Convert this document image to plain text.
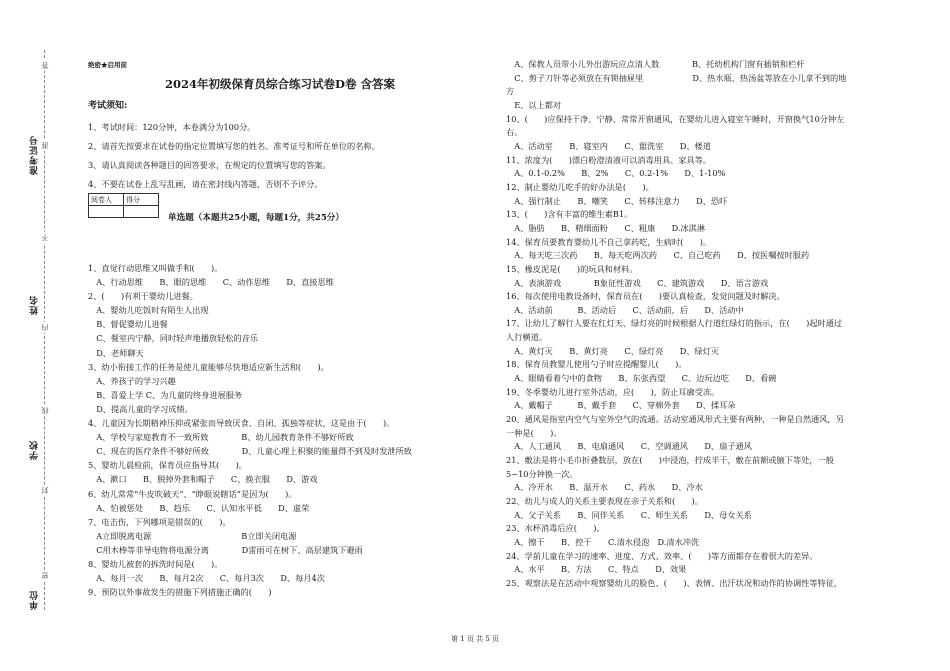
准考证号
姓名
学校
单位
答
准
不
内
线
封
密
绝密★启用前
2024年初级保育员综合练习试卷D卷 含答案
考试须知:
1、考试时间：120分钟，本卷满分为100分。
2、请首先按要求在试卷的指定位置填写您的姓名、准考证号和所在单位的名称。
3、请认真阅读各种题目的回答要求，在规定的位置填写您的答案。
4、不要在试卷上乱写乱画，请在密封线内答题，否则不予评分。
阅卷人	得分

单选题（本题共25小题，每题1分，共25分）
1、直觉行动思维又叫做手和(　　)。
　A、行动思维　　B、眼的思维　　C、动作思维　　D、直接思维
2、(　　)有利于婴幼儿进餐。
　A、婴幼儿吃饭时有陌生人出现
　B、督促婴幼儿进餐
　C、餐室内宁静，同时轻声地播放轻松的音乐
　D、老师聊天
3、幼小衔接工作的任务是使儿童能够尽快地适应新生活和(　　)。
　A、养孩子的学习兴趣
　B、喜爱上学 C、为儿童的终身进展服务
　D、提高儿童的学习成绩。
4、儿童因为长期精神压抑或紧张而导致厌食、自闭、孤独等症状，这是由于(　　)。
　A、学校与家庭教育不一致所致　　　　B、幼儿园教育条件不够好所致
　C、现在的医疗条件不够好所致　　　　D、儿童心理上积聚的能量得不到及时发泄所致
5、婴幼儿晨检前，保育员应指导其(　　)。
　A、漱口　　B、脱掉外套和帽子　　C、换衣服　　D、游戏
6、幼儿常常“牛皮吹破天”、“睁眼说瞎话”是因为(　　)。
　A、怕被惩处　　B、趋乐　　C、认知水平低　　D、虚荣
7、电击伤，下列哪项是错误的(　　)。
　A立即脱离电源　　　　　　　　　　　B立即关闭电源
　C用木棒等非导电物将电源分离　　　　D雷雨可在树下、高层建筑下避雨
8、婴幼儿被套的拆洗时间是(　　)。
　A、每月一次　　B、每月2次　　C、每月3次　　D、每月4次
9、预防以外事故发生的措施下列措施正确的(　　)
　A、保教人员带小儿外出游玩应点清人数　　　　B、托幼机构门窗有插销和栏杆
　C、剪子刀针等必须放在有锁抽屉里　　　　　　D、热水瓶、热汤盆等放在小儿拿不到的地
方
　E、以上都对
10、(　　)应保持干净、宁静、常常开窗通风，在婴幼儿进入寝室午睡时，开窗换气10分钟左
右。
　A、活动室　　B、寝室内　　C、盥洗室　　D、楼道
11、浓度为(　　)漂白粉澄清液可以消毒用具、家具等。
　A、0.1-0.2%　　B、2%　　C、0.2-1%　　D、1-10%
12、制止婴幼儿吃手的好办法是(　　)。
　A、强行制止　　B、嘲笑　　C、转移注意力　　D、恐吓
13、(　　)含有丰富的维生素B1。
　A、脂肪　　B、精细面粉　　C、粗康　　D.冰淇淋
14、保育员要教育婴幼儿不自己拿药吃，生病时(　　)。
　A、每天吃三次药　　B、每天吃两次药　　C、自己吃药　　D、按医嘱按时服药
15、橡皮泥是(　　)的玩具和材料。
　A、表演游戏　　　　B象征性游戏　　C、建筑游戏　　D、语言游戏
16、每次使用电教设备时，保育员在(　　)要认真检查，发觉问题及时解决。
　A、活动前　　　B、活动后　　C、活动前，后　　D、活动中
17、让幼儿了解行人要在红灯天、绿灯亮的时候根据人行道红绿灯的指示，在(　　)起时通过
人行横道。
　A、黄灯灭　　B、黄灯亮　　C、绿灯亮　　D、绿灯灭
18、保育员教婴儿使用勺子时应提醒婴儿(　　)。
　A、眼睛看着勺中的食物　　B、东张西望　　C、边玩边吃　　D、看碗
19、冬季婴幼儿进行室外活动，应(　　)，防止耳廓受冻。
　A、戴帽子　　　B、戴手套　　C、穿棉外套　　D、揉耳朵
20、通风是指室内空气与室外空气的流通。活动室通风形式主要有两种，一种是自然通风，另
一种是(　　)。
　A、人工通风　　B、电扇通风　　C、空调通风　　D、扇子通风
21、敷法是将小毛巾折叠数层，放在(　　)中浸泡，拧成半干，敷在前额或腋下等处，一般
5~10分钟换一次。
　A、冷开水　　B、温开水　　C、药水　　D、冷水
22、幼儿与成人的关系主要表现在亲子关系和(　　)。
　A、父子关系　　B、同伴关系　　C、师生关系　　D、母女关系
23、水杯消毒后应(　　)。
　A、擦干　　B、控干　　C.清水侵泡　D.清水冲洗
24、学前儿童在学习的速率、进度、方式、效率、(　　)等方面都存在着很大的差异。
　A、水平　　B、方法　　C、特点　　D、效果
25、观察法是在活动中观察婴幼儿的脸色、(　　)、表情、出汗状况和动作的协调性等特征，
第 1 页 共 5 页
